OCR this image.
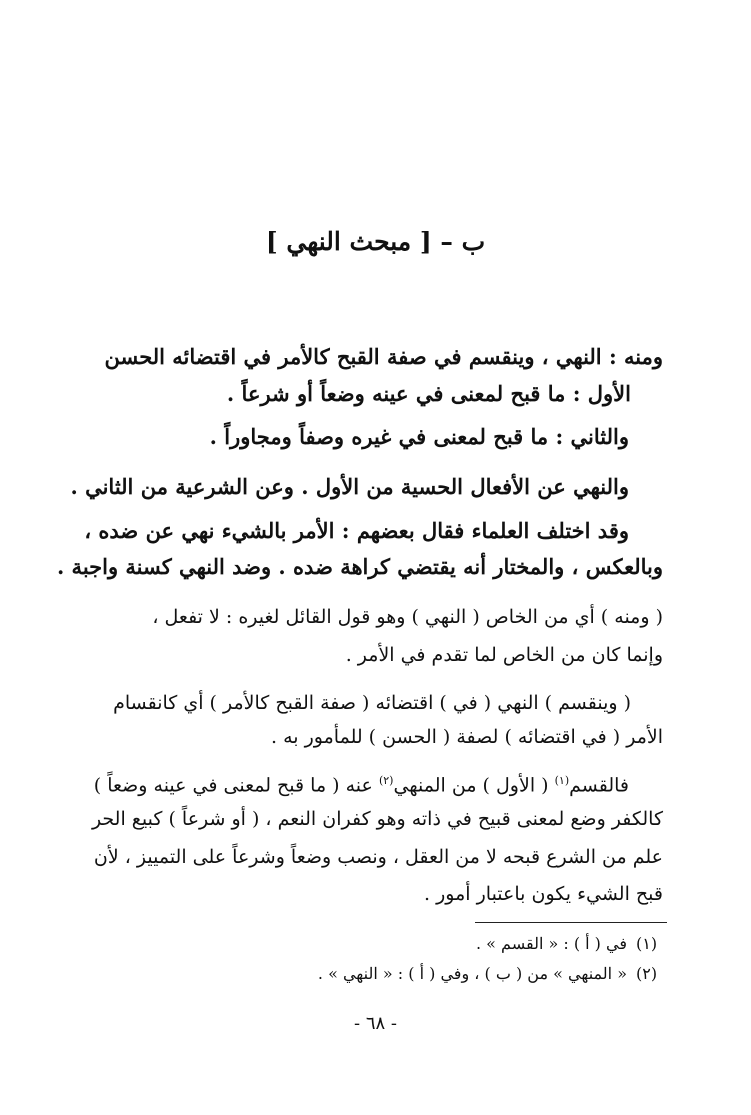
ب – [ مبحث النهي ]
ومنه : النهي ، وينقسم في صفة القبح كالأمر في اقتضائه الحسن
الأول : ما قبح لمعنى في عينه وضعاً أو شرعاً .
والثاني : ما قبح لمعنى في غيره وصفاً ومجاوراً .
والنهي عن الأفعال الحسية من الأول . وعن الشرعية من الثاني .
وقد اختلف العلماء فقال بعضهم : الأمر بالشيء نهي عن ضده ،
وبالعكس ، والمختار أنه يقتضي كراهة ضده . وضد النهي كسنة واجبة .
( ومنه ) أي من الخاص ( النهي ) وهو قول القائل لغيره : لا تفعل ،
وإنما كان من الخاص لما تقدم في الأمر .
( وينقسم ) النهي ( في ) اقتضائه ( صفة القبح كالأمر ) أي كانقسام
الأمر ( في اقتضائه ) لصفة ( الحسن ) للمأمور به .
فالقسم$^{(١)}$ ( الأول ) من المنهي$^{(٢)}$ عنه ( ما قبح لمعنى في عينه وضعاً )
كالكفر وضع لمعنى قبيح في ذاته وهو كفران النعم ، ( أو شرعاً ) كبيع الحر
علم من الشرع قبحه لا من العقل ، ونصب وضعاً وشرعاً على التمييز ، لأن
قبح الشيء يكون باعتبار أمور .
(١)
في ( أ ) : « القسم » .
(٢)
« المنهي » من ( ب ) ، وفي ( أ ) : « النهي » .
- ٦٨ -
